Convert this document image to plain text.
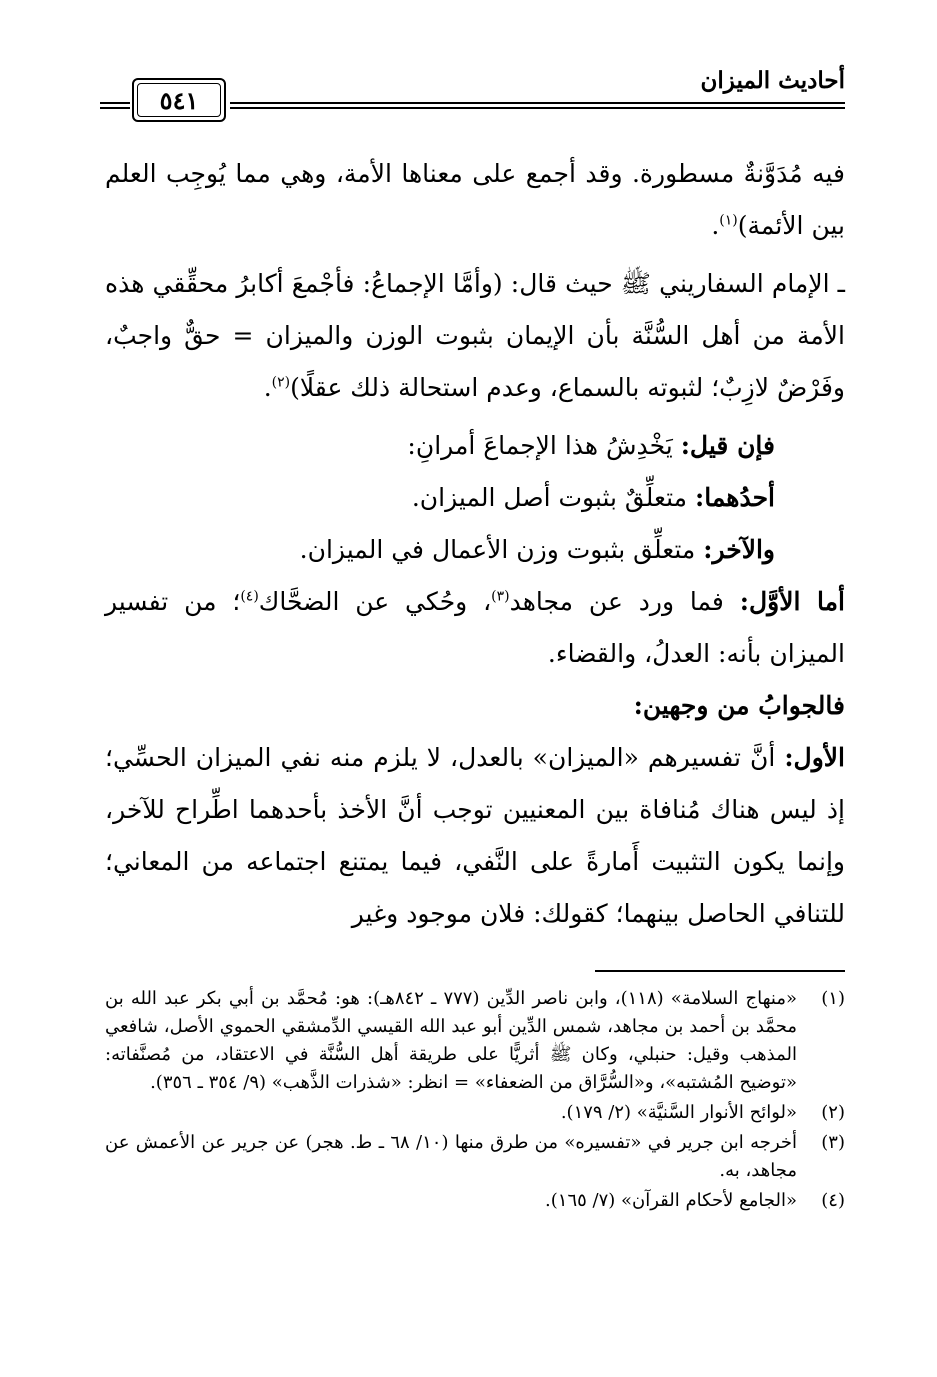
أحاديث الميزان
٥٤١

فيه مُدَوَّنةٌ مسطورة. وقد أجمع على معناها الأمة، وهي مما يُوجِب العلم بين الأئمة)$^{(١)}$.

ـ الإمام السفاريني ﷺ حيث قال: (وأمَّا الإجماعُ: فأجْمعَ أكابرُ محقِّقي هذه الأمة من أهل السُّنَّة بأن الإيمان بثبوت الوزن والميزان = حقٌّ واجبٌ، وفَرْضٌ لازِبٌ؛ لثبوته بالسماع، وعدم استحالة ذلك عقلًا)$^{(٢)}$.

فإن قيل: يَخْدِشُ هذا الإجماعَ أمرانِ:

أحدُهما: متعلِّقٌ بثبوت أصل الميزان.

والآخر: متعلِّق بثبوت وزن الأعمال في الميزان.

أما الأوَّل: فما ورد عن مجاهد$^{(٣)}$، وحُكي عن الضحَّاك$^{(٤)}$؛ من تفسير الميزان بأنه: العدلُ، والقضاء.

فالجوابُ من وجهين:

الأول: أنَّ تفسيرهم «الميزان» بالعدل، لا يلزم منه نفي الميزان الحسِّي؛ إذ ليس هناك مُنافاة بين المعنيين توجب أنَّ الأخذ بأحدهما اطِّراح للآخر، وإنما يكون التثبيت أَمارةً على النَّفي، فيما يمتنع اجتماعه من المعاني؛ للتنافي الحاصل بينهما؛ كقولك: فلان موجود وغير

(١)
«منهاج السلامة» (١١٨)، وابن ناصر الدِّين (٧٧٧ ـ ٨٤٢هـ): هو: مُحمَّد بن أبي بكر عبد الله بن محمَّد بن أحمد بن مجاهد، شمس الدِّين أبو عبد الله القيسي الدِّمشقي الحموي الأصل، شافعي المذهب وقيل: حنبلي، وكان ﷺ أثريًّا على طريقة أهل السُّنَّة في الاعتقاد، من مُصنَّفاته: «توضيح المُشتبه»، و«السُّرَّاق من الضعفاء» = انظر: «شذرات الذَّهب» (٩/ ٣٥٤ ـ ٣٥٦).
(٢)
«لوائح الأنوار السَّنيَّة» (٢/ ١٧٩).
(٣)
أخرجه ابن جرير في «تفسيره» من طرق منها (١٠/ ٦٨ ـ ط. هجر) عن جرير عن الأعمش عن مجاهد، به.
(٤)
«الجامع لأحكام القرآن» (٧/ ١٦٥).
